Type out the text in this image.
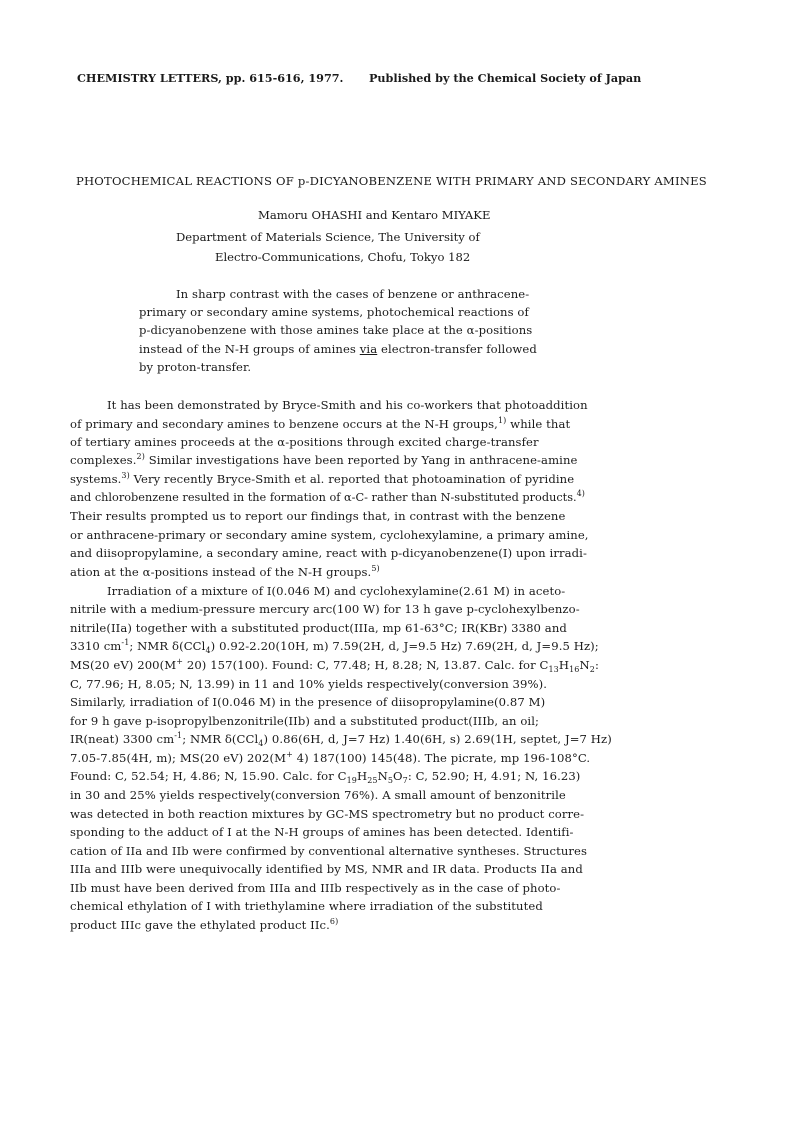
CHEMISTRY LETTERS, pp. 615-616, 1977. Published by the Chemical Society of Japan
PHOTOCHEMICAL REACTIONS OF p-DICYANOBENZENE WITH PRIMARY AND SECONDARY AMINES
Mamoru OHASHI and Kentaro MIYAKE
Department of Materials Science, The University of
Electro-Communications, Chofu, Tokyo 182
In sharp contrast with the cases of benzene or anthracene-
primary or secondary amine systems, photochemical reactions of
p-dicyanobenzene with those amines take place at the α-positions
instead of the N-H groups of amines via electron-transfer followed
by proton-transfer.
It has been demonstrated by Bryce-Smith and his co-workers that photoaddition
of primary and secondary amines to benzene occurs at the N-H groups,$^{1)}$ while that
of tertiary amines proceeds at the α-positions through excited charge-transfer
complexes.$^{2)}$ Similar investigations have been reported by Yang in anthracene-amine
systems.$^{3)}$ Very recently Bryce-Smith et al. reported that photoamination of pyridine
and chlorobenzene resulted in the formation of α-C- rather than N-substituted products.$^{4)}$
Their results prompted us to report our findings that, in contrast with the benzene
or anthracene-primary or secondary amine system, cyclohexylamine, a primary amine,
and diisopropylamine, a secondary amine, react with p-dicyanobenzene(I) upon irradi-
ation at the α-positions instead of the N-H groups.$^{5)}$
Irradiation of a mixture of I(0.046 M) and cyclohexylamine(2.61 M) in aceto-
nitrile with a medium-pressure mercury arc(100 W) for 13 h gave p-cyclohexylbenzo-
nitrile(IIa) together with a substituted product(IIIa, mp 61-63°C; IR(KBr) 3380 and
3310 $cm^{-1}$; NMR δ(CCl$_4$) 0.92-2.20(10H, m) 7.59(2H, d, J=9.5 Hz) 7.69(2H, d, J=9.5 Hz);
MS(20 eV) 200(M+ 20) 157(100). Found: C, 77.48; H, 8.28; N, 13.87. Calc. for $C_{13}H_{16}N_2$:
C, 77.96; H, 8.05; N, 13.99) in 11 and 10% yields respectively(conversion 39%).
Similarly, irradiation of I(0.046 M) in the presence of diisopropylamine(0.87 M)
for 9 h gave p-isopropylbenzonitrile(IIb) and a substituted product(IIIb, an oil;
IR(neat) 3300 $cm^{-1}$; NMR δ(CCl$_4$) 0.86(6H, d, J=7 Hz) 1.40(6H, s) 2.69(1H, septet, J=7 Hz)
7.05-7.85(4H, m); MS(20 eV) 202(M+ 4) 187(100) 145(48). The picrate, mp 196-108°C.
Found: C, 52.54; H, 4.86; N, 15.90. Calc. for $C_{19}H_{25}N_5O_7$: C, 52.90; H, 4.91; N, 16.23)
in 30 and 25% yields respectively(conversion 76%). A small amount of benzonitrile
was detected in both reaction mixtures by GC-MS spectrometry but no product corre-
sponding to the adduct of I at the N-H groups of amines has been detected. Identifi-
cation of IIa and IIb were confirmed by conventional alternative syntheses. Structures
IIIa and IIIb were unequivocally identified by MS, NMR and IR data. Products IIa and
IIb must have been derived from IIIa and IIIb respectively as in the case of photo-
chemical ethylation of I with triethylamine where irradiation of the substituted
product IIIc gave the ethylated product IIc.$^{6)}$
